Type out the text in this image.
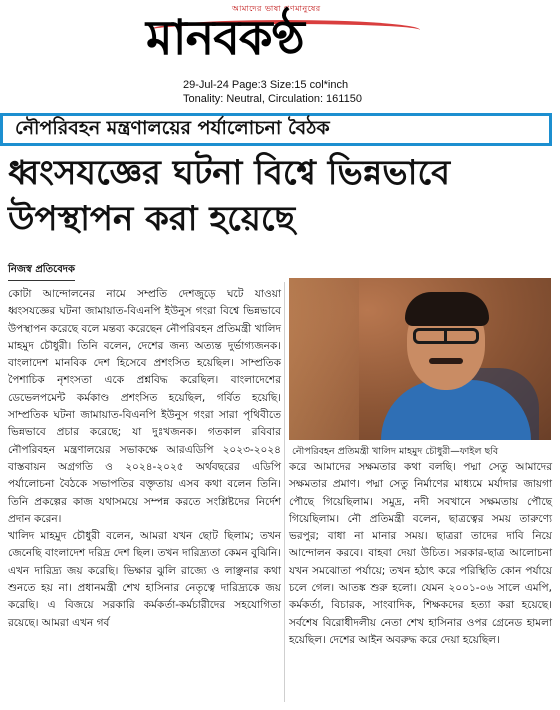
আমাদের ভাষা গণমানুষের
মানবকণ্ঠ
29-Jul-24 Page:3 Size:15 col*inch
Tonality: Neutral, Circulation: 161150
নৌপরিবহন মন্ত্রণালয়ের পর্যালোচনা বৈঠক
ধ্বংসযজ্ঞের ঘটনা বিশ্বে ভিন্নভাবে উপস্থাপন করা হয়েছে
নিজস্ব প্রতিবেদক

কোটা আন্দোলনের নামে সম্প্রতি দেশজুড়ে ঘটে যাওয়া ধ্বংসযজ্ঞের ঘটনা জামায়াত-বিএনপি ইউনুস গংরা বিশ্বে ভিন্নভাবে উপস্থাপন করেছে বলে মন্তব্য করেছেন নৌপরিবহন প্রতিমন্ত্রী খালিদ মাহমুদ চৌধুরী। তিনি বলেন, দেশের জন্য অত্যন্ত দুর্ভাগ্যজনক। বাংলাদেশ মানবিক দেশ হিসেবে প্রশংসিত হয়েছিল। সাম্প্রতিক পৈশাচিক নৃশংসতা একে প্রশ্নবিদ্ধ করেছিল। বাংলাদেশের ডেভেলপমেন্ট কর্মকাণ্ড প্রশংসিত হয়েছিল, গর্বিত হয়েছি। সাম্প্রতিক ঘটনা জামায়াত-বিএনপি ইউনুস গংরা সারা পৃথিবীতে ভিন্নভাবে প্রচার করেছে; যা দুঃখজনক। গতকাল রবিবার নৌপরিবহন মন্ত্রণালয়ের সভাকক্ষে আরএডিপি ২০২৩-২০২৪ বাস্তবায়ন অগ্রগতি ও ২০২৪-২০২৫ অর্থবছরের এডিপি পর্যালোচনা বৈঠকে সভাপতির বক্তৃতায় এসব কথা বলেন তিনি। তিনি প্রকল্পের কাজ যথাসময়ে সম্পন্ন করতে সংশ্লিষ্টদের নির্দেশ প্রদান করেন।

খালিদ মাহমুদ চৌধুরী বলেন, আমরা যখন ছোট ছিলাম; তখন জেনেছি বাংলাদেশ দরিদ্র দেশ ছিল। তখন দারিদ্র্যতা কেমন বুঝিনি। এখন দারিদ্র্য জয় করেছি। ভিক্ষার ঝুলি রাজ্যে ও লাঞ্ছনার কথা শুনতে হয় না। প্রধানমন্ত্রী শেখ হাসিনার নেতৃত্বে দারিদ্র্যকে জয় করেছি। এ বিজয়ে সরকারি কর্মকর্তা-কর্মচারীদের সহযোগিতা রয়েছে। আমরা এখন গর্ব

নৌপরিবহন প্রতিমন্ত্রী খালিদ মাহমুদ চৌধুরী—ফাইল ছবি

করে আমাদের সক্ষমতার কথা বলছি। পদ্মা সেতু আমাদের সক্ষমতার প্রমাণ। পদ্মা সেতু নির্মাণের মাধ্যমে মর্যাদার জায়গা পৌছে গিয়েছিলাম। সমুদ্র, নদী সবখানে সক্ষমতায় পৌছে গিয়েছিলাম। নৌ প্রতিমন্ত্রী বলেন, ছাত্রত্বের সময় তারুণ্যে ভরপুর; বাধা না মানার সময়। ছাত্ররা তাদের দাবি নিয়ে আন্দোলন করবে। বাহবা দেয়া উচিত। সরকার-ছাত্র আলোচনা যখন সমঝোতা পর্যায়ে; তখন হঠাৎ করে পরিস্থিতি কোন পর্যায়ে চলে গেল। আতঙ্ক শুরু হলো। যেমন ২০০১-০৬ সালে এমপি, কর্মকর্তা, বিচারক, সাংবাদিক, শিক্ষকদের হত্যা করা হয়েছে। সর্বশেষ বিরোধীদলীয় নেতা শেখ হাসিনার ওপর গ্রেনেড হামলা হয়েছিল। দেশের আইন অবরুদ্ধ করে দেয়া হয়েছিল।
